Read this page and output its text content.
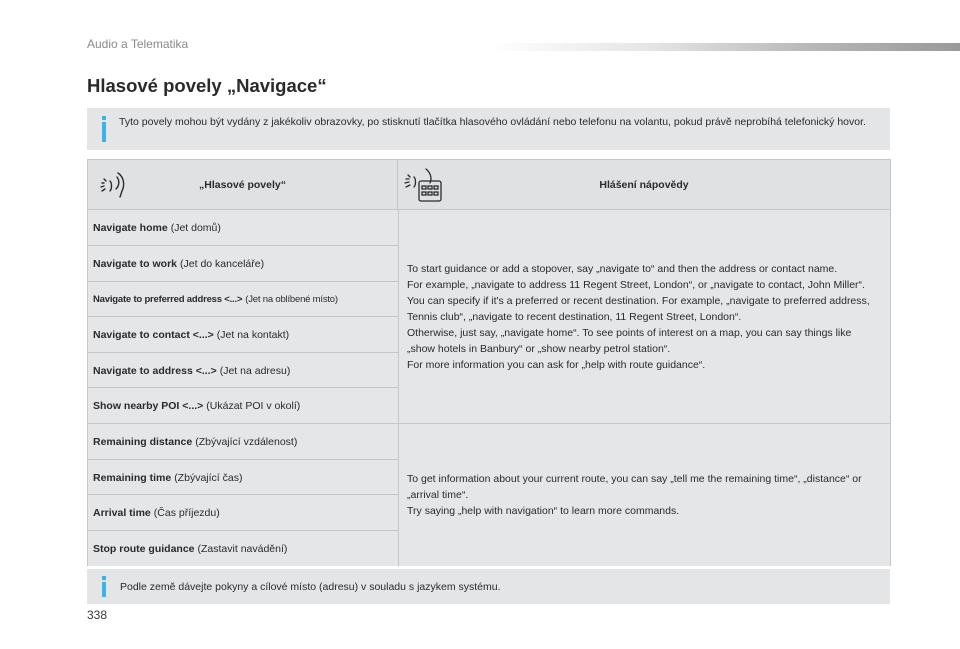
Audio a Telematika
Hlasové povely „Navigace“
Tyto povely mohou být vydány z jakékoliv obrazovky, po stisknutí tlačítka hlasového ovládání nebo telefonu na volantu, pokud právě neprobíhá telefonický hovor.
„Hlasové povely“	Hlášení nápovědy
Navigate home (Jet domů)
Navigate to work (Jet do kanceláře)
Navigate to preferred address <...> (Jet na oblíbené místo)
Navigate to contact <...> (Jet na kontakt)
Navigate to address <...> (Jet na adresu)
Show nearby POI <...> (Ukázat POI v okolí)
Remaining distance (Zbývající vzdálenost)
Remaining time (Zbývající čas)
Arrival time (Čas příjezdu)
Stop route guidance (Zastavit navádění)
To start guidance or add a stopover, say „navigate to“ and then the address or contact name.
For example, „navigate to address 11 Regent Street, London“, or „navigate to contact, John Miller“.
You can specify if it's a preferred or recent destination. For example, „navigate to preferred address, Tennis club“, „navigate to recent destination, 11 Regent Street, London“.
Otherwise, just say, „navigate home“. To see points of interest on a map, you can say things like „show hotels in Banbury“ or „show nearby petrol station“.
For more information you can ask for „help with route guidance“.
To get information about your current route, you can say „tell me the remaining time“, „distance“ or „arrival time“.
Try saying „help with navigation“ to learn more commands.
Podle země dávejte pokyny a cílové místo (adresu) v souladu s jazykem systému.
338
